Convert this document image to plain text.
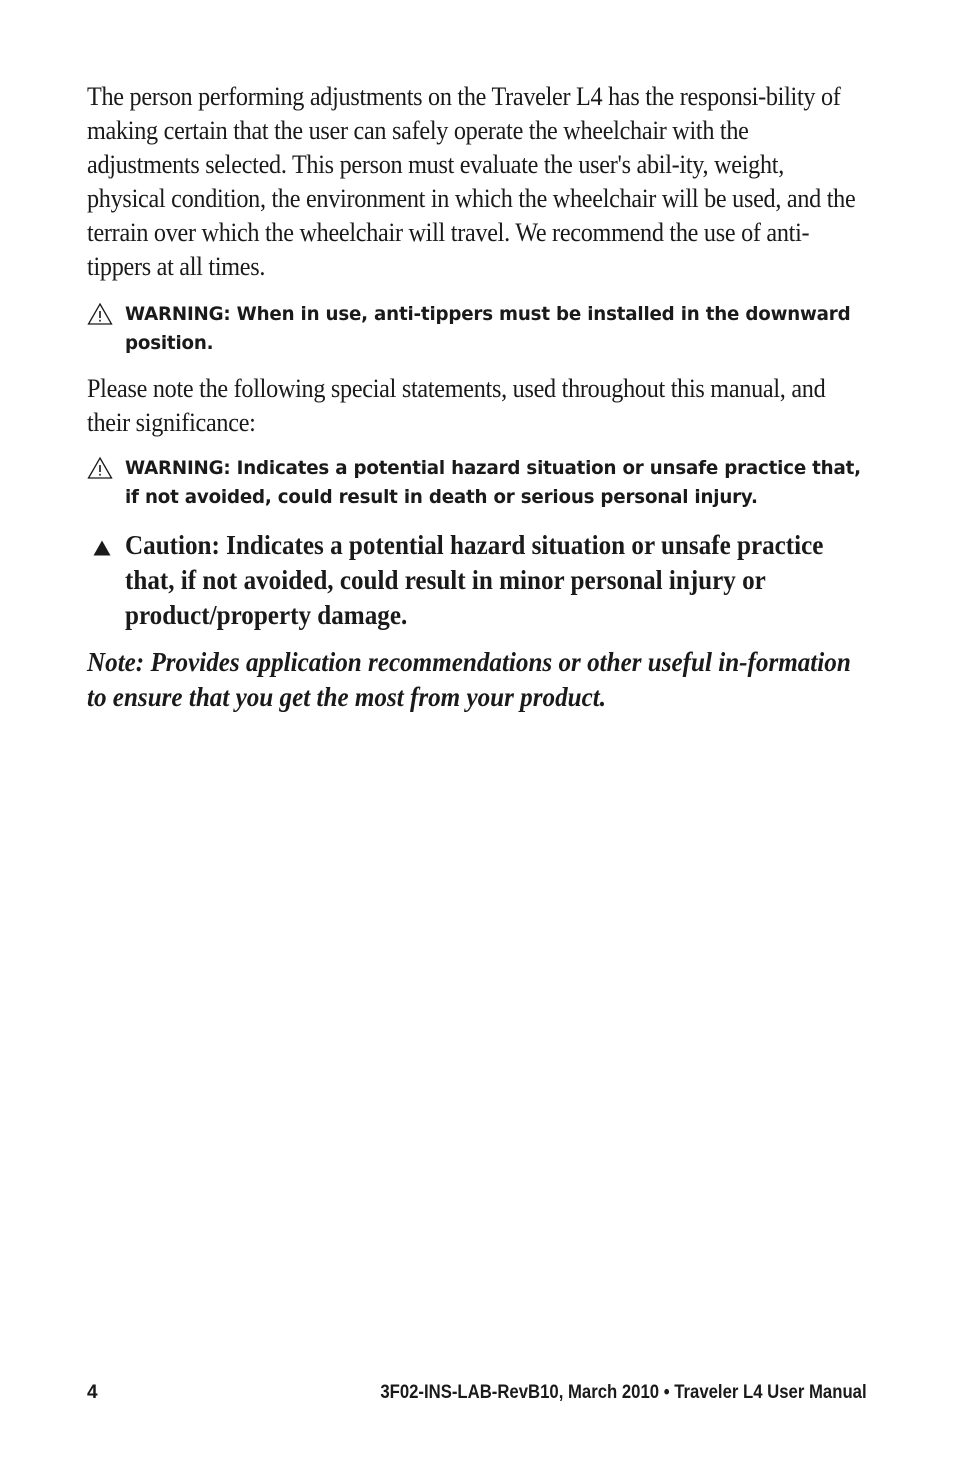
The person performing adjustments on the Traveler L4 has the responsi-bility of making certain that the user can safely operate the wheelchair with the adjustments selected. This person must evaluate the user's abil-ity, weight, physical condition, the environment in which the wheelchair will be used, and the terrain over which the wheelchair will travel. We recommend the use of anti-tippers at all times.

WARNING: When in use, anti-tippers must be installed in the downward position.

Please note the following special statements, used throughout this manual, and their significance:

WARNING: Indicates a potential hazard situation or unsafe practice that, if not avoided, could result in death or serious personal injury.
Caution: Indicates a potential hazard situation or unsafe practice that, if not avoided, could result in minor personal injury or product/property damage.

Note: Provides application recommendations or other useful in-formation to ensure that you get the most from your product.

4	3F02-INS-LAB-RevB10, March 2010 • Traveler L4 User Manual
